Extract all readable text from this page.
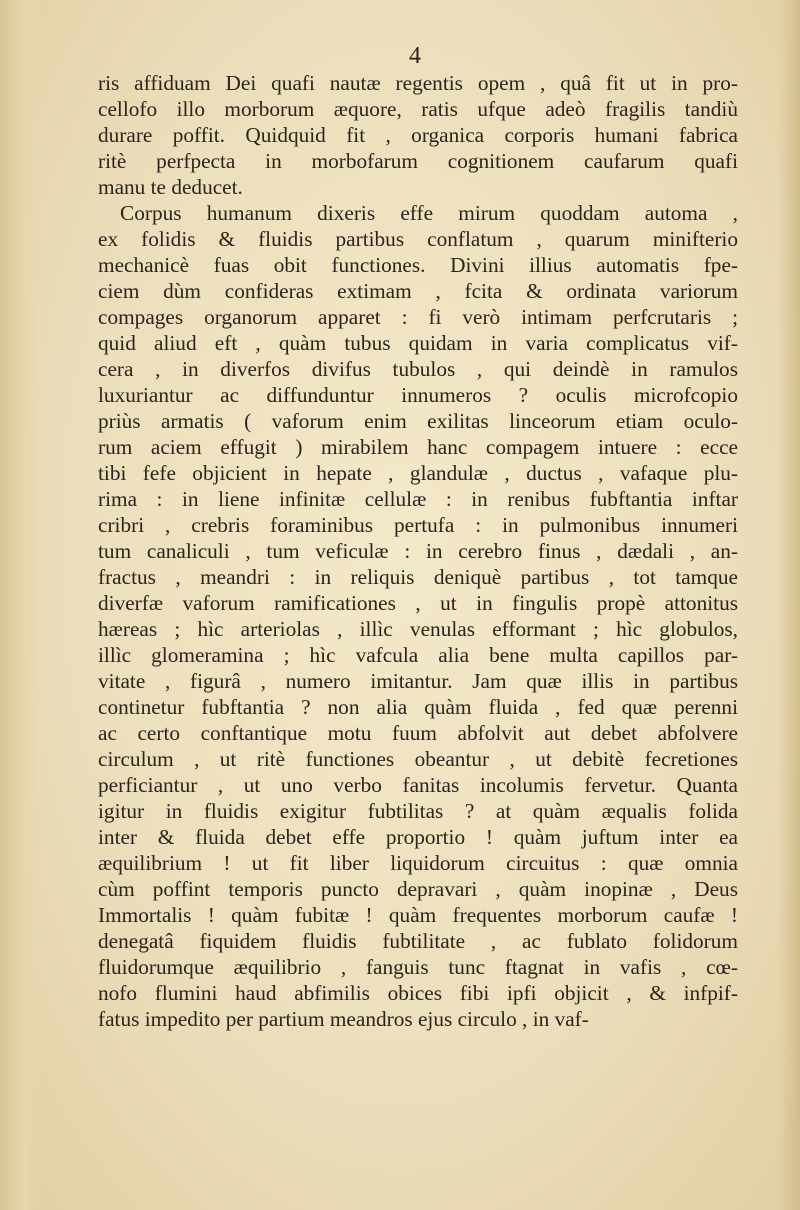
4
ris affiduam Dei quafi nautæ regentis opem , quâ fit ut in pro-
cellofo illo morborum æquore, ratis ufque adeò fragilis tandiù
durare poffit. Quidquid fit , organica corporis humani fabrica
ritè perfpecta in morbofarum cognitionem caufarum quafi
manu te deducet.
Corpus humanum dixeris effe mirum quoddam automa ,
ex folidis & fluidis partibus conflatum , quarum minifterio
mechanicè fuas obit functiones. Divini illius automatis fpe-
ciem dùm confideras extimam , fcita & ordinata variorum
compages organorum apparet : fi verò intimam perfcrutaris ;
quid aliud eft , quàm tubus quidam in varia complicatus vif-
cera , in diverfos divifus tubulos , qui deindè in ramulos
luxuriantur ac diffunduntur innumeros ? oculis microfcopio
priùs armatis ( vaforum enim exilitas linceorum etiam oculo-
rum aciem effugit ) mirabilem hanc compagem intuere : ecce
tibi fefe objicient in hepate , glandulæ , ductus , vafaque plu-
rima : in liene infinitæ cellulæ : in renibus fubftantia inftar
cribri , crebris foraminibus pertufa : in pulmonibus innumeri
tum canaliculi , tum veficulæ : in cerebro finus , dædali , an-
fractus , meandri : in reliquis deniquè partibus , tot tamque
diverfæ vaforum ramificationes , ut in fingulis propè attonitus
hæreas ; hìc arteriolas , illìc venulas efformant ; hìc globulos,
illìc glomeramina ; hìc vafcula alia bene multa capillos par-
vitate , figurâ , numero imitantur. Jam quæ illis in partibus
continetur fubftantia ? non alia quàm fluida , fed quæ perenni
ac certo conftantique motu fuum abfolvit aut debet abfolvere
circulum , ut ritè functiones obeantur , ut debitè fecretiones
perficiantur , ut uno verbo fanitas incolumis fervetur. Quanta
igitur in fluidis exigitur fubtilitas ? at quàm æqualis folida
inter & fluida debet effe proportio ! quàm juftum inter ea
æquilibrium ! ut fit liber liquidorum circuitus : quæ omnia
cùm poffint temporis puncto depravari , quàm inopinæ , Deus
Immortalis ! quàm fubitæ ! quàm frequentes morborum caufæ !
denegatâ fiquidem fluidis fubtilitate , ac fublato folidorum
fluidorumque æquilibrio , fanguis tunc ftagnat in vafis , cœ-
nofo flumini haud abfimilis obices fibi ipfi objicit , & infpif-
fatus impedito per partium meandros ejus circulo , in vaf-
